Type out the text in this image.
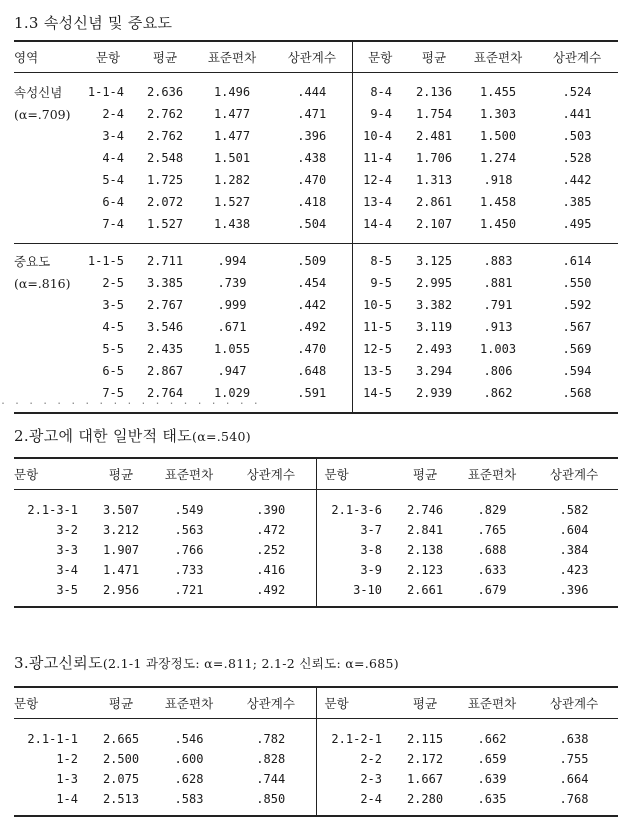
1.3 속성신념 및 중요도
영역	문항	평균	표준편차	상관계수	문항	평균	표준편차	상관계수

속성신념	1-1-4	2.636	1.496	.444	8-4	2.136	1.455	.524
(α=.709)	2-4	2.762	1.477	.471	9-4	1.754	1.303	.441
	3-4	2.762	1.477	.396	10-4	2.481	1.500	.503
	4-4	2.548	1.501	.438	11-4	1.706	1.274	.528
	5-4	1.725	1.282	.470	12-4	1.313	.918	.442
	6-4	2.072	1.527	.418	13-4	2.861	1.458	.385
	7-4	1.527	1.438	.504	14-4	2.107	1.450	.495

중요도	1-1-5	2.711	.994	.509	8-5	3.125	.883	.614
(α=.816)	2-5	3.385	.739	.454	9-5	2.995	.881	.550
	3-5	2.767	.999	.442	10-5	3.382	.791	.592
	4-5	3.546	.671	.492	11-5	3.119	.913	.567
	5-5	2.435	1.055	.470	12-5	2.493	1.003	.569
	6-5	2.867	.947	.648	13-5	3.294	.806	.594
	7-5	2.764	1.029	.591	14-5	2.939	.862	.568

. . . . . . . . . . . . . . . . . . .
2.광고에 대한 일반적 태도(α=.540)
문항	평균	표준편차	상관계수	문항	평균	표준편차	상관계수

2.1-3-1	3.507	.549	.390	2.1-3-6	2.746	.829	.582
3-2	3.212	.563	.472	3-7	2.841	.765	.604
3-3	1.907	.766	.252	3-8	2.138	.688	.384
3-4	1.471	.733	.416	3-9	2.123	.633	.423
3-5	2.956	.721	.492	3-10	2.661	.679	.396

3.광고신뢰도(2.1-1 과장정도: α=.811; 2.1-2 신뢰도: α=.685)
문항	평균	표준편차	상관계수	문항	평균	표준편차	상관계수

2.1-1-1	2.665	.546	.782	2.1-2-1	2.115	.662	.638
1-2	2.500	.600	.828	2-2	2.172	.659	.755
1-3	2.075	.628	.744	2-3	1.667	.639	.664
1-4	2.513	.583	.850	2-4	2.280	.635	.768
